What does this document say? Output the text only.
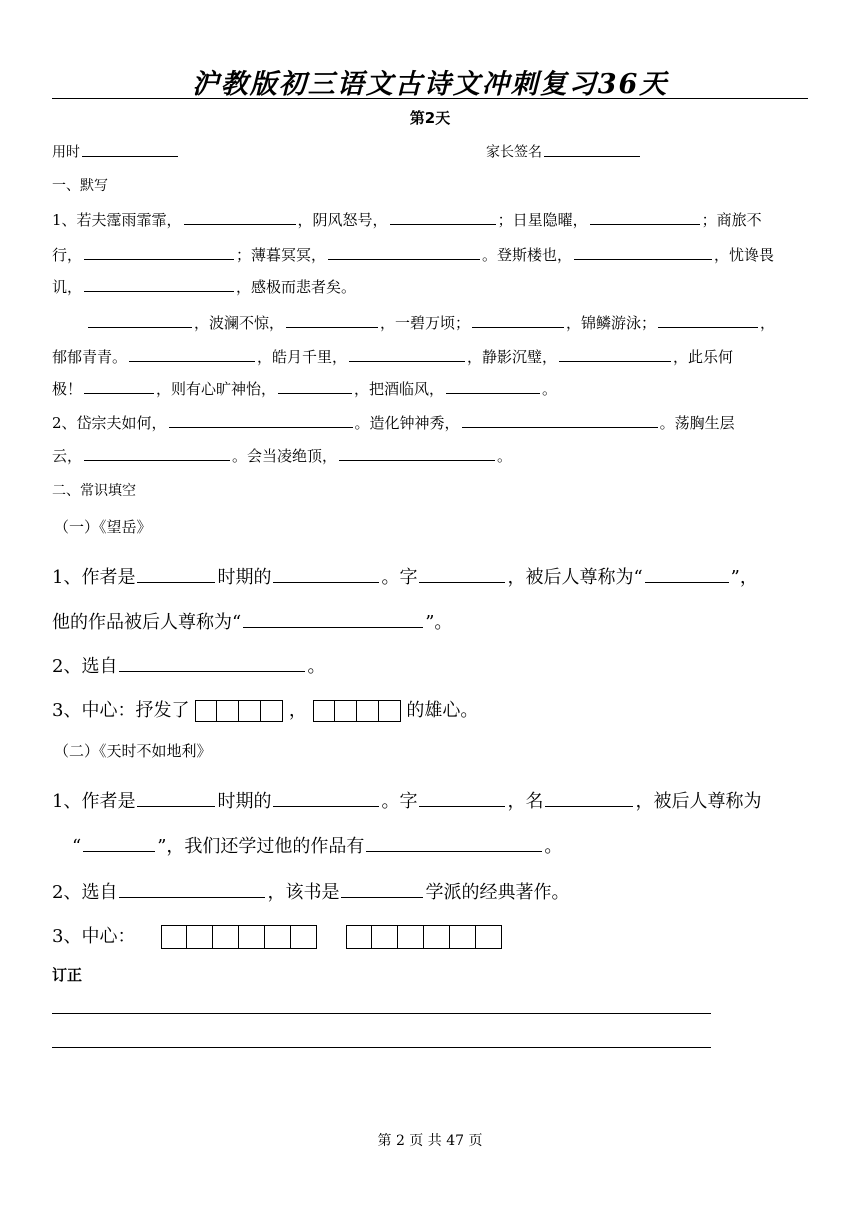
沪教版初三语文古诗文冲刺复习36天
第2天
用时	家长签名
一、默写
1、若夫霪雨霏霏，	，阴风怒号，	；日星隐曜，	；商旅不
行，	；薄暮冥冥，	。登斯楼也，	，忧谗畏
讥，	，感极而悲者矣。
，波澜不惊，	，一碧万顷；	，锦鳞游泳；	，
郁郁青青。	，皓月千里，	，静影沉璧，	，此乐何
极！	，则有心旷神怡，	，把酒临风，	。
2、岱宗夫如何，	。造化钟神秀，	。荡胸生层
云，	。会当凌绝顶，	。
二、常识填空
（一）《望岳》
1、作者是	时期的	。字	，被后人尊称为“	”，
他的作品被后人尊称为“	”。
2、选自	。
3、中心：抒发了	，	的雄心。
（二）《天时不如地利》
1、作者是	时期的	。字	，名	，被后人尊称为
“	”，我们还学过他的作品有	。
2、选自	，该书是	学派的经典著作。
3、中心：
订正
第 2 页 共 47 页
